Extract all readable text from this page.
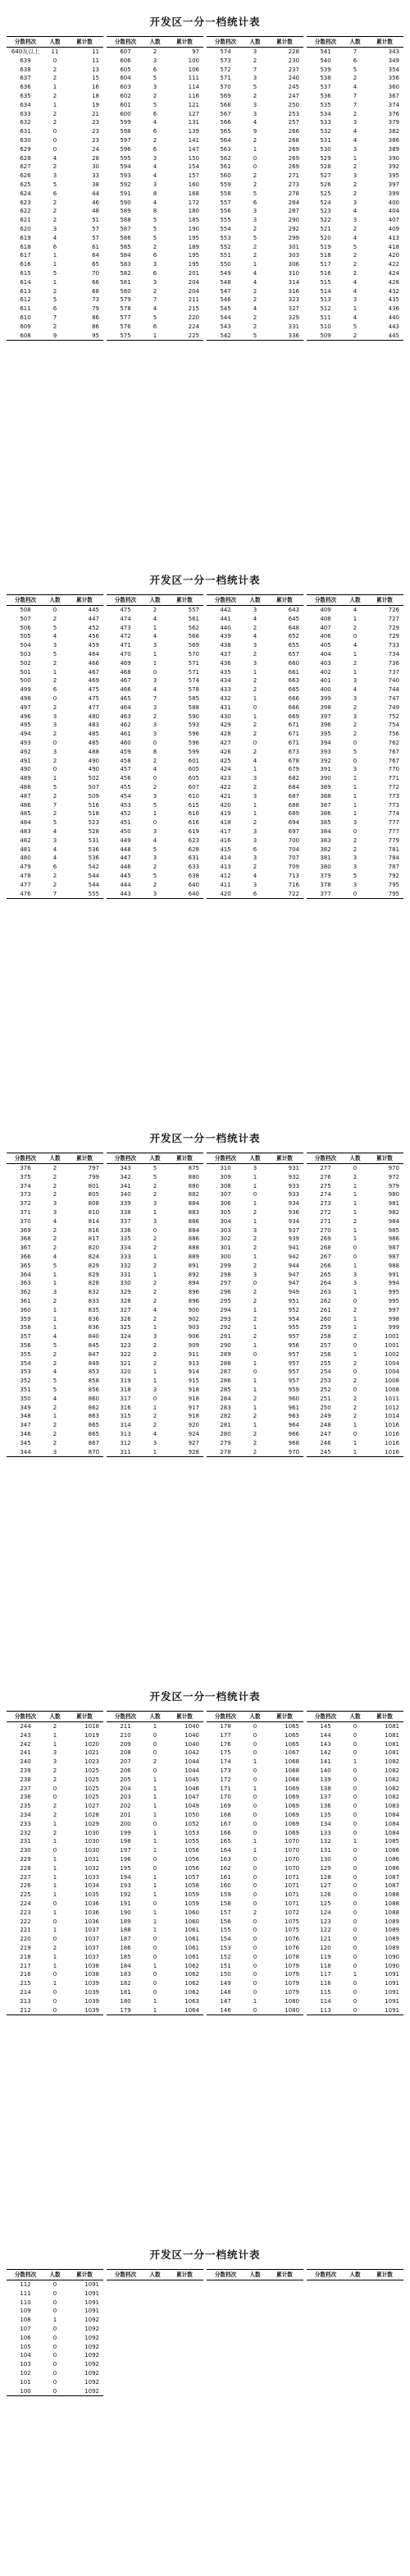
开发区一分一档统计表
分数档次	人数	累计数
640及以上	11	11
639	0	11
638	2	13
637	2	15
636	1	16
635	2	18
634	1	19
633	2	21
632	2	23
631	0	23
630	0	23
629	0	24
628	4	28
627	2	30
626	3	33
625	5	38
624	6	44
623	2	46
622	2	48
621	2	51
620	3	57
619	4	57
618	6	61
617	1	64
616	1	65
615	5	70
614	1	66
613	2	68
612	5	73
611	6	79
610	7	86
609	2	86
608	9	95
分数档次	人数	累计数
607	2	97
606	3	100
605	6	106
604	5	111
603	3	114
602	2	116
601	5	121
600	6	127
599	4	131
598	6	139
597	2	141
596	6	147
595	3	150
594	4	154
593	4	157
592	3	160
591	8	168
590	4	172
589	8	180
588	5	185
587	5	190
586	5	195
585	2	189
584	6	195
583	3	195
582	6	201
581	3	204
580	2	204
579	7	211
578	4	215
577	5	220
576	6	224
575	1	225
分数档次	人数	累计数
574	3	228
573	2	230
572	7	237
571	3	240
570	5	245
569	2	247
568	3	250
567	3	253
566	4	257
565	9	266
564	2	268
563	1	269
562	0	269
561	0	269
560	2	271
559	2	273
558	5	278
557	6	284
556	3	287
555	3	290
554	2	292
553	5	299
552	2	301
551	2	303
550	1	306
549	4	310
548	4	314
547	2	316
546	2	323
545	4	327
544	2	329
543	2	331
542	5	336
分数档次	人数	累计数
541	7	343
540	6	349
539	5	354
538	2	356
537	4	360
536	7	367
535	7	374
534	2	376
533	3	379
532	4	382
531	4	386
530	3	389
529	1	390
528	2	392
527	3	395
526	2	397
525	2	399
524	3	400
523	4	404
522	3	407
521	2	409
520	4	413
519	5	418
518	2	420
517	2	422
516	2	424
515	4	428
514	4	432
513	3	435
512	1	436
511	4	440
510	5	443
509	2	445
开发区一分一档统计表
分数档次	人数	累计数
508	0	445
507	2	447
506	5	452
505	4	456
504	3	459
503	5	464
502	2	466
501	1	467
500	2	469
499	6	475
498	0	475
497	2	477
496	3	480
495	3	483
494	2	485
493	0	485
492	3	488
491	2	490
490	0	490
489	1	502
488	5	507
487	2	509
486	7	516
485	2	518
484	5	523
483	4	528
482	3	531
481	4	536
480	4	536
479	6	542
478	2	544
477	2	544
476	7	555
分数档次	人数	累计数
475	2	557
474	4	561
473	1	562
472	4	566
471	3	569
470	1	570
469	1	571
468	0	571
467	3	574
466	4	578
465	7	585
464	3	588
463	2	590
462	3	593
461	3	596
460	0	596
459	8	599
458	2	601
457	4	605
456	0	605
455	2	607
454	3	610
453	5	615
452	1	616
451	0	616
450	3	619
449	4	623
448	5	628
447	3	631
446	2	633
445	5	638
444	2	640
443	3	640
分数档次	人数	累计数
442	3	643
441	4	645
440	2	648
439	4	652
438	3	655
437	2	657
436	3	660
435	1	661
434	2	663
433	2	665
432	1	666
431	0	666
430	1	669
429	2	671
428	2	671
427	0	671
426	2	673
425	4	678
424	1	679
423	3	682
422	2	684
421	3	687
420	1	688
419	1	689
418	2	694
417	3	697
416	3	700
415	6	704
414	3	707
413	2	709
412	4	713
411	3	716
420	6	722
分数档次	人数	累计数
409	4	726
408	1	727
407	2	729
406	0	729
405	4	733
404	1	734
403	2	736
402	1	737
401	3	740
400	4	744
399	3	747
398	2	749
397	3	752
396	2	754
395	2	756
394	0	762
393	5	767
392	0	767
391	3	770
390	1	771
389	1	772
388	1	773
387	1	773
386	1	774
385	3	777
384	0	777
383	2	779
382	2	781
381	3	784
380	3	787
379	5	792
378	3	795
377	0	795
开发区一分一档统计表
分数档次	人数	累计数
376	2	797
375	2	799
374	2	801
373	2	805
372	3	808
371	3	810
370	4	814
369	2	816
368	2	817
367	2	820
366	4	824
365	5	829
364	1	829
363	1	828
362	3	832
361	2	833
360	1	835
359	1	836
358	1	836
357	4	840
356	5	845
355	2	847
354	2	849
353	4	853
352	5	858
351	5	856
350	4	860
349	2	862
348	1	863
347	2	865
346	2	865
345	2	867
344	3	870
分数档次	人数	累计数
343	5	875
342	5	880
341	2	880
340	2	882
339	3	884
338	1	883
337	3	886
336	0	884
335	2	886
334	2	888
333	1	889
332	2	891
331	1	892
330	2	894
329	2	896
328	2	896
327	4	900
326	2	902
325	1	903
324	3	906
323	2	909
322	2	911
321	2	913
320	1	914
319	1	915
318	3	918
317	0	918
316	1	917
315	2	918
314	2	920
313	4	924
312	3	927
311	1	928
分数档次	人数	累计数
310	3	931
309	1	932
308	1	933
307	0	933
306	1	934
305	2	936
304	1	934
303	3	937
302	2	939
301	2	941
300	1	942
299	2	944
298	3	947
297	0	947
296	2	949
295	2	951
294	1	952
293	2	954
292	1	955
291	2	957
290	1	956
289	0	957
288	1	957
287	0	957
286	1	957
285	1	959
284	2	960
283	1	961
282	2	963
281	1	964
280	2	966
279	2	968
278	2	970
分数档次	人数	累计数
277	0	970
276	2	972
275	1	979
274	1	980
273	1	981
272	1	982
271	2	984
270	1	985
269	1	986
268	0	987
267	0	987
266	1	988
265	3	991
264	3	994
263	1	995
262	0	995
261	2	997
260	1	998
259	1	999
258	2	1001
257	0	1001
256	1	1002
255	2	1004
254	0	1004
253	2	1008
252	0	1008
251	2	1011
250	2	1012
249	2	1014
248	1	1016
247	0	1016
246	1	1016
245	1	1016
开发区一分一档统计表
分数档次	人数	累计数
244	2	1018
243	1	1019
242	1	1020
241	3	1021
240	3	1023
239	2	1025
238	2	1025
237	0	1025
236	0	1025
235	2	1027
234	2	1028
233	1	1029
232	2	1030
231	1	1030
230	0	1030
229	1	1031
228	1	1032
227	1	1033
226	1	1034
225	1	1035
224	0	1036
223	1	1036
222	0	1036
221	1	1037
220	0	1037
219	2	1037
218	1	1037
217	1	1038
216	0	1038
215	1	1039
214	0	1039
213	0	1039
212	0	1039
分数档次	人数	累计数
211	1	1040
210	0	1040
209	0	1040
208	0	1042
207	2	1044
206	0	1044
205	1	1045
204	1	1046
203	1	1047
202	1	1049
201	1	1050
200	0	1052
199	1	1053
198	1	1055
197	1	1056
196	0	1056
195	0	1056
194	1	1057
193	1	1058
192	1	1059
191	0	1059
190	1	1060
189	1	1060
188	1	1061
187	0	1061
186	0	1061
185	0	1061
184	1	1062
183	0	1062
182	0	1062
181	0	1062
180	1	1063
179	1	1064
分数档次	人数	累计数
178	0	1065
177	0	1065
176	0	1065
175	0	1067
174	1	1068
173	0	1068
172	0	1068
171	1	1069
170	0	1069
169	0	1069
168	0	1069
167	0	1069
166	0	1069
165	1	1070
164	1	1070
163	0	1070
162	0	1070
161	0	1071
160	0	1071
159	0	1071
158	0	1071
157	2	1072
156	0	1075
155	0	1075
154	0	1076
153	0	1076
152	0	1078
151	0	1079
150	0	1079
149	0	1079
148	0	1079
147	1	1080
146	0	1080
分数档次	人数	累计数
145	0	1081
144	0	1081
143	0	1081
142	0	1081
141	1	1082
140	0	1082
139	0	1082
138	0	1082
137	0	1082
136	0	1083
135	0	1084
134	0	1084
133	0	1084
132	1	1085
131	0	1086
130	0	1086
129	0	1086
128	0	1087
127	0	1087
126	0	1088
125	0	1088
124	0	1088
123	0	1089
122	0	1089
121	0	1089
120	0	1089
119	0	1090
118	0	1090
117	1	1091
116	0	1091
115	0	1091
114	0	1091
113	0	1091
开发区一分一档统计表
分数档次	人数	累计数
112	0	1091
111	0	1091
110	0	1091
109	0	1091
108	1	1092
107	0	1092
106	0	1092
105	0	1092
104	0	1092
103	0	1092
102	0	1092
101	0	1092
100	0	1092
分数档次	人数	累计数	分数档次	人数	累计数	分数档次	人数	累计数
